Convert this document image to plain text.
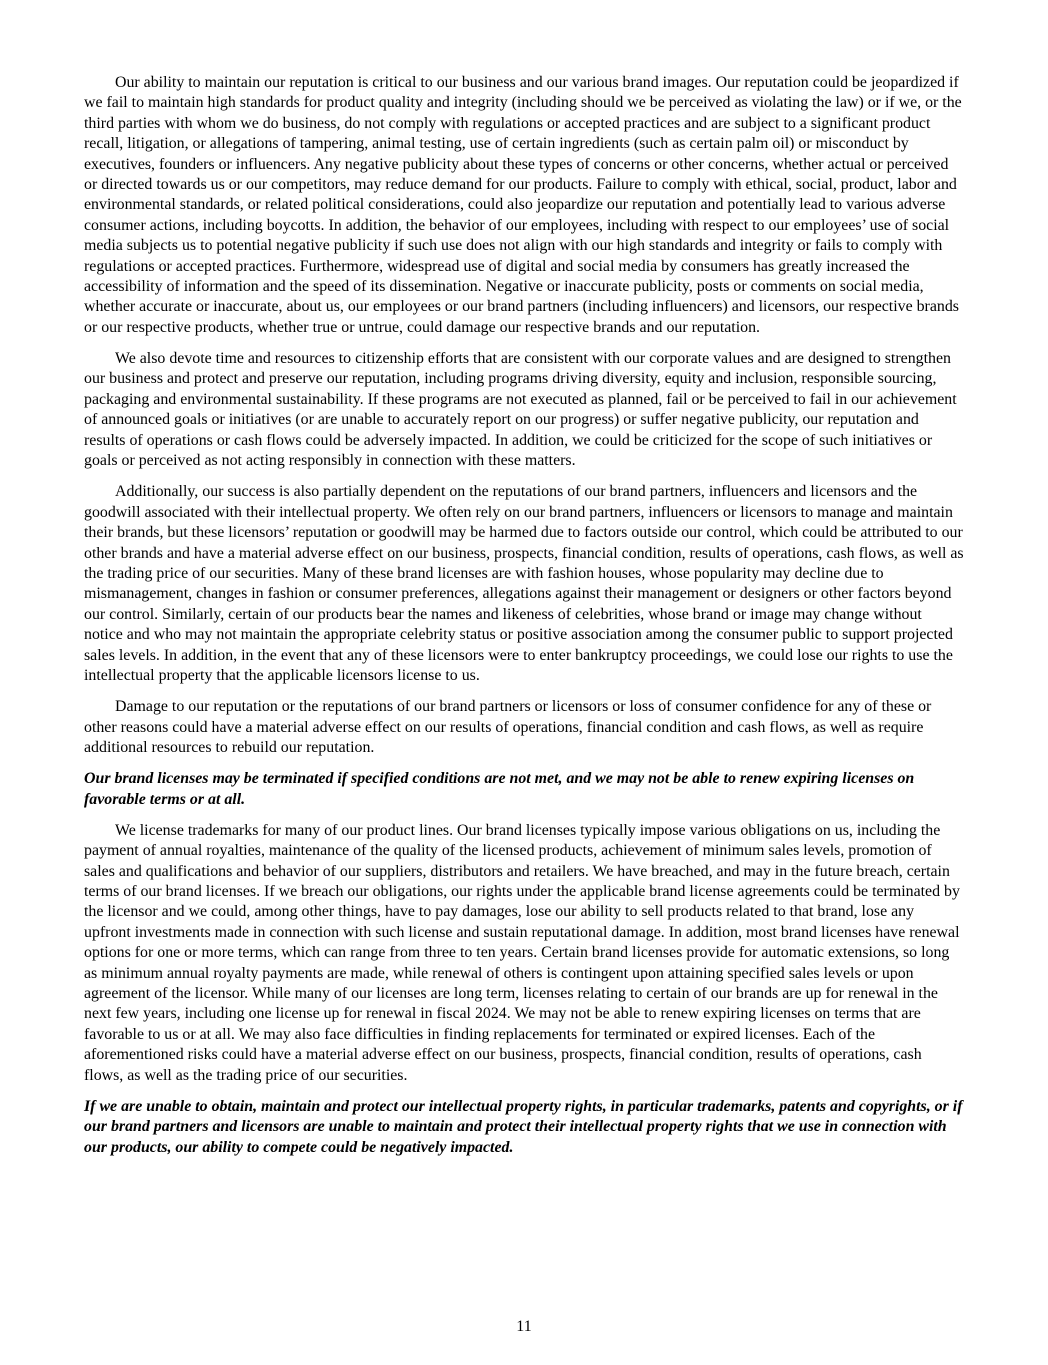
Our ability to maintain our reputation is critical to our business and our various brand images. Our reputation could be jeopardized if we fail to maintain high standards for product quality and integrity (including should we be perceived as violating the law) or if we, or the third parties with whom we do business, do not comply with regulations or accepted practices and are subject to a significant product recall, litigation, or allegations of tampering, animal testing, use of certain ingredients (such as certain palm oil) or misconduct by executives, founders or influencers. Any negative publicity about these types of concerns or other concerns, whether actual or perceived or directed towards us or our competitors, may reduce demand for our products. Failure to comply with ethical, social, product, labor and environmental standards, or related political considerations, could also jeopardize our reputation and potentially lead to various adverse consumer actions, including boycotts. In addition, the behavior of our employees, including with respect to our employees’ use of social media subjects us to potential negative publicity if such use does not align with our high standards and integrity or fails to comply with regulations or accepted practices. Furthermore, widespread use of digital and social media by consumers has greatly increased the accessibility of information and the speed of its dissemination. Negative or inaccurate publicity, posts or comments on social media, whether accurate or inaccurate, about us, our employees or our brand partners (including influencers) and licensors, our respective brands or our respective products, whether true or untrue, could damage our respective brands and our reputation.

We also devote time and resources to citizenship efforts that are consistent with our corporate values and are designed to strengthen our business and protect and preserve our reputation, including programs driving diversity, equity and inclusion, responsible sourcing, packaging and environmental sustainability. If these programs are not executed as planned, fail or be perceived to fail in our achievement of announced goals or initiatives (or are unable to accurately report on our progress) or suffer negative publicity, our reputation and results of operations or cash flows could be adversely impacted. In addition, we could be criticized for the scope of such initiatives or goals or perceived as not acting responsibly in connection with these matters.

Additionally, our success is also partially dependent on the reputations of our brand partners, influencers and licensors and the goodwill associated with their intellectual property. We often rely on our brand partners, influencers or licensors to manage and maintain their brands, but these licensors’ reputation or goodwill may be harmed due to factors outside our control, which could be attributed to our other brands and have a material adverse effect on our business, prospects, financial condition, results of operations, cash flows, as well as the trading price of our securities. Many of these brand licenses are with fashion houses, whose popularity may decline due to mismanagement, changes in fashion or consumer preferences, allegations against their management or designers or other factors beyond our control. Similarly, certain of our products bear the names and likeness of celebrities, whose brand or image may change without notice and who may not maintain the appropriate celebrity status or positive association among the consumer public to support projected sales levels. In addition, in the event that any of these licensors were to enter bankruptcy proceedings, we could lose our rights to use the intellectual property that the applicable licensors license to us.

Damage to our reputation or the reputations of our brand partners or licensors or loss of consumer confidence for any of these or other reasons could have a material adverse effect on our results of operations, financial condition and cash flows, as well as require additional resources to rebuild our reputation.

Our brand licenses may be terminated if specified conditions are not met, and we may not be able to renew expiring licenses on favorable terms or at all.

We license trademarks for many of our product lines. Our brand licenses typically impose various obligations on us, including the payment of annual royalties, maintenance of the quality of the licensed products, achievement of minimum sales levels, promotion of sales and qualifications and behavior of our suppliers, distributors and retailers. We have breached, and may in the future breach, certain terms of our brand licenses. If we breach our obligations, our rights under the applicable brand license agreements could be terminated by the licensor and we could, among other things, have to pay damages, lose our ability to sell products related to that brand, lose any upfront investments made in connection with such license and sustain reputational damage. In addition, most brand licenses have renewal options for one or more terms, which can range from three to ten years. Certain brand licenses provide for automatic extensions, so long as minimum annual royalty payments are made, while renewal of others is contingent upon attaining specified sales levels or upon agreement of the licensor. While many of our licenses are long term, licenses relating to certain of our brands are up for renewal in the next few years, including one license up for renewal in fiscal 2024. We may not be able to renew expiring licenses on terms that are favorable to us or at all. We may also face difficulties in finding replacements for terminated or expired licenses. Each of the aforementioned risks could have a material adverse effect on our business, prospects, financial condition, results of operations, cash flows, as well as the trading price of our securities.

If we are unable to obtain, maintain and protect our intellectual property rights, in particular trademarks, patents and copyrights, or if our brand partners and licensors are unable to maintain and protect their intellectual property rights that we use in connection with our products, our ability to compete could be negatively impacted.

11
